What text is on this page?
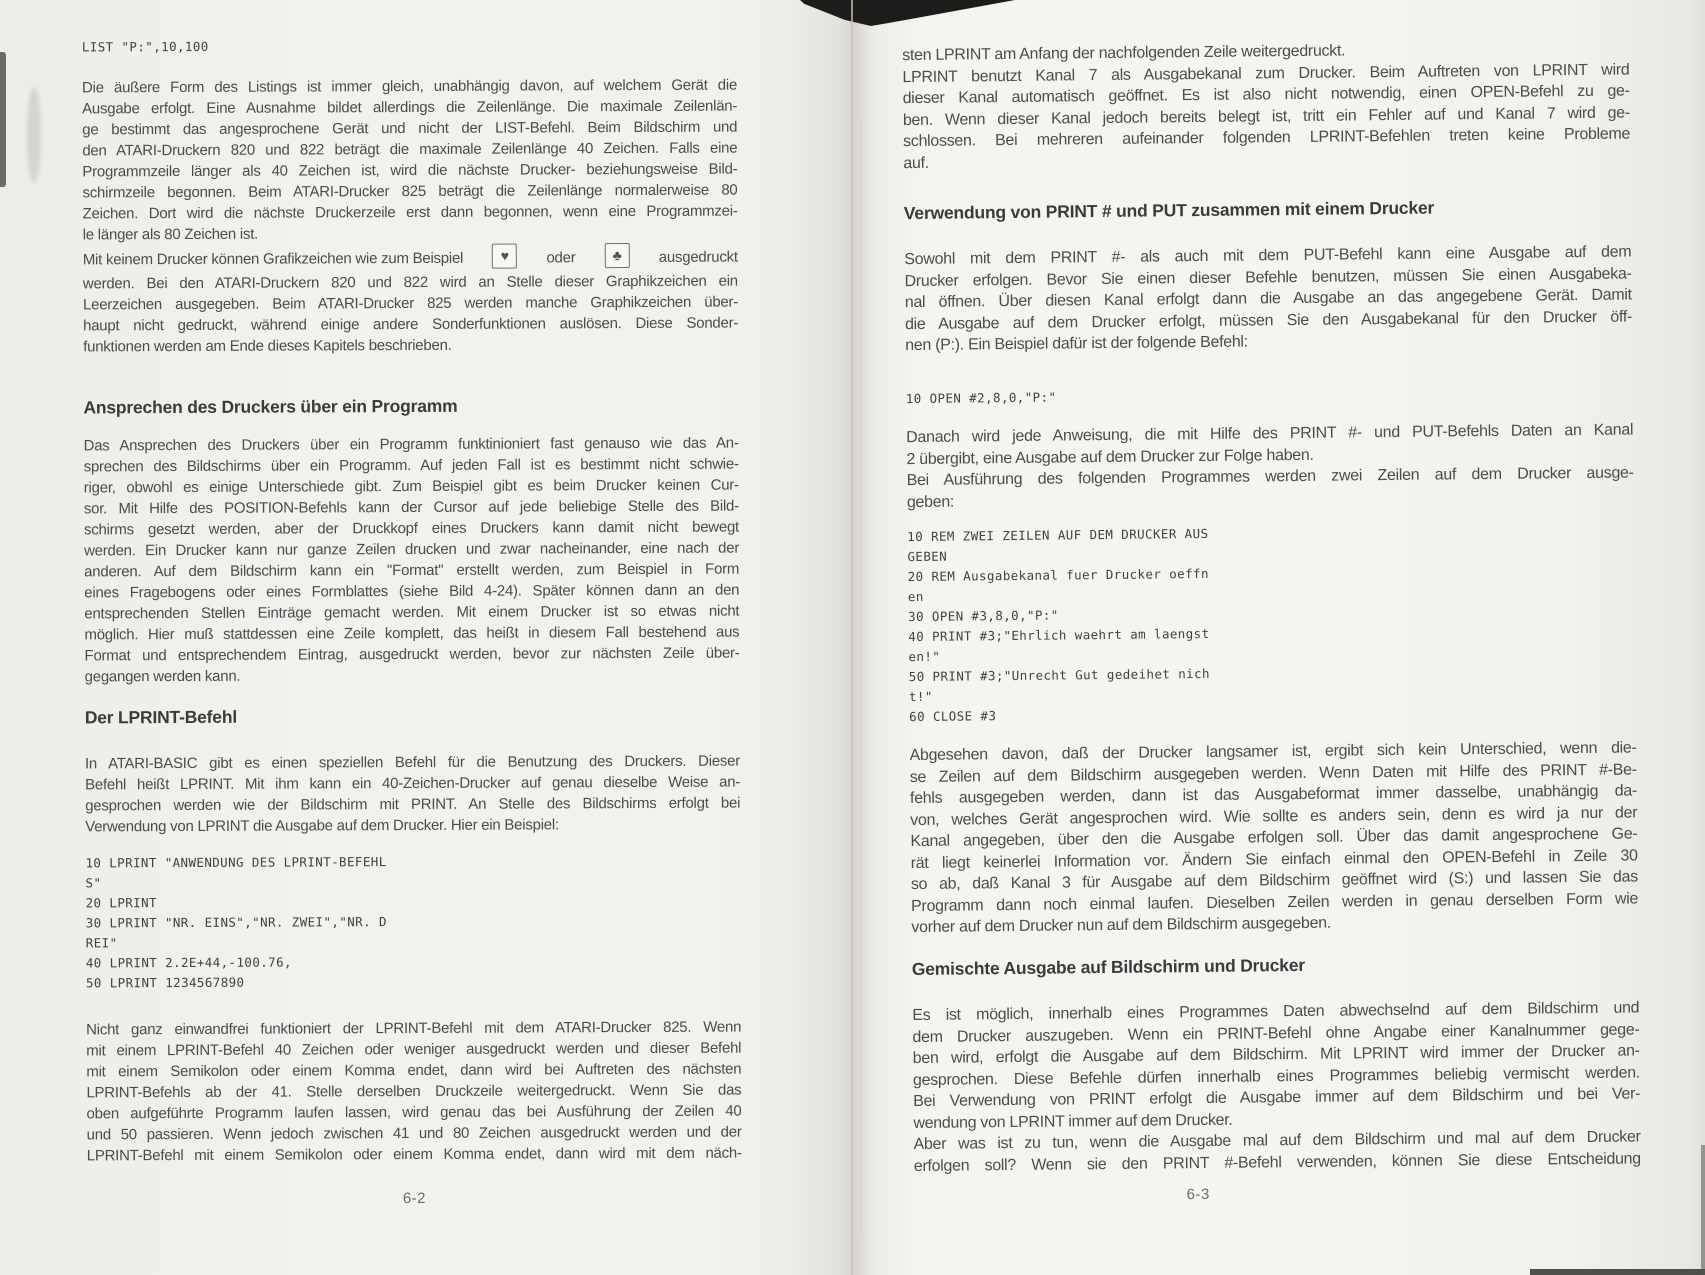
LIST "P:",10,100
Die äußere Form des Listings ist immer gleich, unabhängig davon, auf welchem Gerät die
Ausgabe erfolgt. Eine Ausnahme bildet allerdings die Zeilenlänge. Die maximale Zeilenlän-
ge bestimmt das angesprochene Gerät und nicht der LIST-Befehl. Beim Bildschirm und
den ATARI-Druckern 820 und 822 beträgt die maximale Zeilenlänge 40 Zeichen. Falls eine
Programmzeile länger als 40 Zeichen ist, wird die nächste Drucker- beziehungsweise Bild-
schirmzeile begonnen. Beim ATARI-Drucker 825 beträgt die Zeilenlänge normalerweise 80
Zeichen. Dort wird die nächste Druckerzeile erst dann begonnen, wenn eine Programmzei-
le länger als 80 Zeichen ist.
Mit keinem Drucker können Grafikzeichen wie zum Beispiel	♥	oder	♣	ausgedruckt
werden. Bei den ATARI-Druckern 820 und 822 wird an Stelle dieser Graphikzeichen ein
Leerzeichen ausgegeben. Beim ATARI-Drucker 825 werden manche Graphikzeichen über-
haupt nicht gedruckt, während einige andere Sonderfunktionen auslösen. Diese Sonder-
funktionen werden am Ende dieses Kapitels beschrieben.
Ansprechen des Druckers über ein Programm
Das Ansprechen des Druckers über ein Programm funktinioniert fast genauso wie das An-
sprechen des Bildschirms über ein Programm. Auf jeden Fall ist es bestimmt nicht schwie-
riger, obwohl es einige Unterschiede gibt. Zum Beispiel gibt es beim Drucker keinen Cur-
sor. Mit Hilfe des POSITION-Befehls kann der Cursor auf jede beliebige Stelle des Bild-
schirms gesetzt werden, aber der Druckkopf eines Druckers kann damit nicht bewegt
werden. Ein Drucker kann nur ganze Zeilen drucken und zwar nacheinander, eine nach der
anderen. Auf dem Bildschirm kann ein ''Format'' erstellt werden, zum Beispiel in Form
eines Fragebogens oder eines Formblattes (siehe Bild 4-24). Später können dann an den
entsprechenden Stellen Einträge gemacht werden. Mit einem Drucker ist so etwas nicht
möglich. Hier muß stattdessen eine Zeile komplett, das heißt in diesem Fall bestehend aus
Format und entsprechendem Eintrag, ausgedruckt werden, bevor zur nächsten Zeile über-
gegangen werden kann.
Der LPRINT-Befehl
In ATARI-BASIC gibt es einen speziellen Befehl für die Benutzung des Druckers. Dieser
Befehl heißt LPRINT. Mit ihm kann ein 40-Zeichen-Drucker auf genau dieselbe Weise an-
gesprochen werden wie der Bildschirm mit PRINT. An Stelle des Bildschirms erfolgt bei
Verwendung von LPRINT die Ausgabe auf dem Drucker. Hier ein Beispiel:
10 LPRINT "ANWENDUNG DES LPRINT-BEFEHL
S"
20 LPRINT
30 LPRINT "NR. EINS","NR. ZWEI","NR. D
REI"
40 LPRINT 2.2E+44,-100.76,
50 LPRINT 1234567890
Nicht ganz einwandfrei funktioniert der LPRINT-Befehl mit dem ATARI-Drucker 825. Wenn
mit einem LPRINT-Befehl 40 Zeichen oder weniger ausgedruckt werden und dieser Befehl
mit einem Semikolon oder einem Komma endet, dann wird bei Auftreten des nächsten
LPRINT-Befehls ab der 41. Stelle derselben Druckzeile weitergedruckt. Wenn Sie das
oben aufgeführte Programm laufen lassen, wird genau das bei Ausführung der Zeilen 40
und 50 passieren. Wenn jedoch zwischen 41 und 80 Zeichen ausgedruckt werden und der
LPRINT-Befehl mit einem Semikolon oder einem Komma endet, dann wird mit dem näch-
6-2
sten LPRINT am Anfang der nachfolgenden Zeile weitergedruckt.
LPRINT benutzt Kanal 7 als Ausgabekanal zum Drucker. Beim Auftreten von LPRINT wird
dieser Kanal automatisch geöffnet. Es ist also nicht notwendig, einen OPEN-Befehl zu ge-
ben. Wenn dieser Kanal jedoch bereits belegt ist, tritt ein Fehler auf und Kanal 7 wird ge-
schlossen. Bei mehreren aufeinander folgenden LPRINT-Befehlen treten keine Probleme
auf.
Verwendung von PRINT # und PUT zusammen mit einem Drucker
Sowohl mit dem PRINT #- als auch mit dem PUT-Befehl kann eine Ausgabe auf dem
Drucker erfolgen. Bevor Sie einen dieser Befehle benutzen, müssen Sie einen Ausgabeka-
nal öffnen. Über diesen Kanal erfolgt dann die Ausgabe an das angegebene Gerät. Damit
die Ausgabe auf dem Drucker erfolgt, müssen Sie den Ausgabekanal für den Drucker öff-
nen (P:). Ein Beispiel dafür ist der folgende Befehl:
10 OPEN #2,8,0,"P:"
Danach wird jede Anweisung, die mit Hilfe des PRINT #- und PUT-Befehls Daten an Kanal
2 übergibt, eine Ausgabe auf dem Drucker zur Folge haben.
Bei Ausführung des folgenden Programmes werden zwei Zeilen auf dem Drucker ausge-
geben:
10 REM ZWEI ZEILEN AUF DEM DRUCKER AUS
GEBEN
20 REM Ausgabekanal fuer Drucker oeffn
en
30 OPEN #3,8,0,"P:"
40 PRINT #3;"Ehrlich waehrt am laengst
en!"
50 PRINT #3;"Unrecht Gut gedeihet nich
t!"
60 CLOSE #3
Abgesehen davon, daß der Drucker langsamer ist, ergibt sich kein Unterschied, wenn die-
se Zeilen auf dem Bildschirm ausgegeben werden. Wenn Daten mit Hilfe des PRINT #-Be-
fehls ausgegeben werden, dann ist das Ausgabeformat immer dasselbe, unabhängig da-
von, welches Gerät angesprochen wird. Wie sollte es anders sein, denn es wird ja nur der
Kanal angegeben, über den die Ausgabe erfolgen soll. Über das damit angesprochene Ge-
rät liegt keinerlei Information vor. Ändern Sie einfach einmal den OPEN-Befehl in Zeile 30
so ab, daß Kanal 3 für Ausgabe auf dem Bildschirm geöffnet wird (S:) und lassen Sie das
Programm dann noch einmal laufen. Dieselben Zeilen werden in genau derselben Form wie
vorher auf dem Drucker nun auf dem Bildschirm ausgegeben.
Gemischte Ausgabe auf Bildschirm und Drucker
Es ist möglich, innerhalb eines Programmes Daten abwechselnd auf dem Bildschirm und
dem Drucker auszugeben. Wenn ein PRINT-Befehl ohne Angabe einer Kanalnummer gege-
ben wird, erfolgt die Ausgabe auf dem Bildschirm. Mit LPRINT wird immer der Drucker an-
gesprochen. Diese Befehle dürfen innerhalb eines Programmes beliebig vermischt werden.
Bei Verwendung von PRINT erfolgt die Ausgabe immer auf dem Bildschirm und bei Ver-
wendung von LPRINT immer auf dem Drucker.
Aber was ist zu tun, wenn die Ausgabe mal auf dem Bildschirm und mal auf dem Drucker
erfolgen soll? Wenn sie den PRINT #-Befehl verwenden, können Sie diese Entscheidung
6-3
